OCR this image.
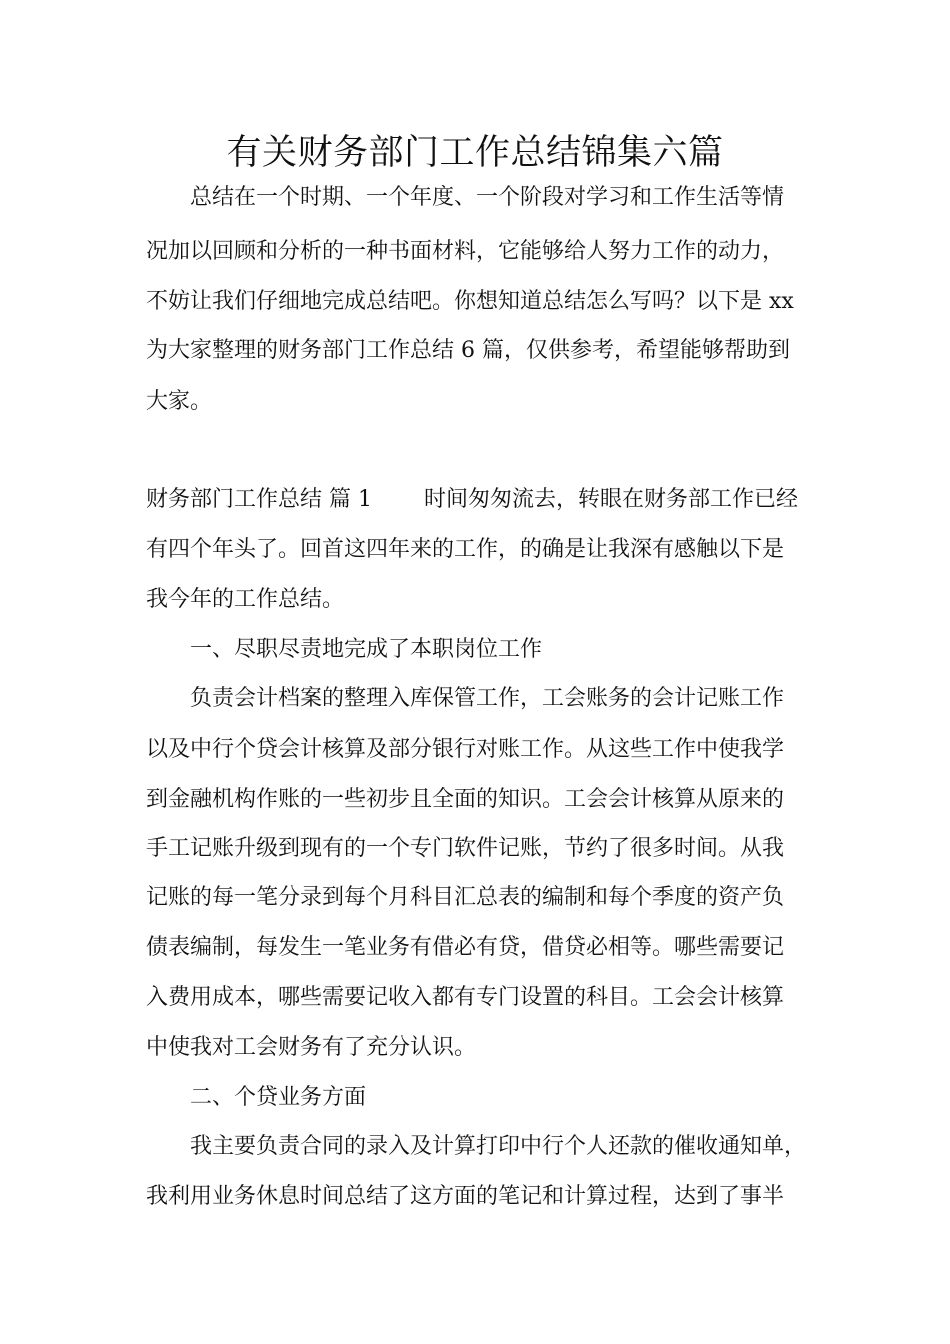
有关财务部门工作总结锦集六篇

总结在一个时期、一个年度、一个阶段对学习和工作生活等情

况加以回顾和分析的一种书面材料，它能够给人努力工作的动力，

不妨让我们仔细地完成总结吧。你想知道总结怎么写吗？以下是 xx

为大家整理的财务部门工作总结 6 篇，仅供参考，希望能够帮助到

大家。

财务部门工作总结 篇 1 时间匆匆流去，转眼在财务部工作已经

有四个年头了。回首这四年来的工作，的确是让我深有感触以下是

我今年的工作总结。

一、尽职尽责地完成了本职岗位工作

负责会计档案的整理入库保管工作，工会账务的会计记账工作

以及中行个贷会计核算及部分银行对账工作。从这些工作中使我学

到金融机构作账的一些初步且全面的知识。工会会计核算从原来的

手工记账升级到现有的一个专门软件记账，节约了很多时间。从我

记账的每一笔分录到每个月科目汇总表的编制和每个季度的资产负

债表编制，每发生一笔业务有借必有贷，借贷必相等。哪些需要记

入费用成本，哪些需要记收入都有专门设置的科目。工会会计核算

中使我对工会财务有了充分认识。

二、个贷业务方面

我主要负责合同的录入及计算打印中行个人还款的催收通知单，

我利用业务休息时间总结了这方面的笔记和计算过程，达到了事半
